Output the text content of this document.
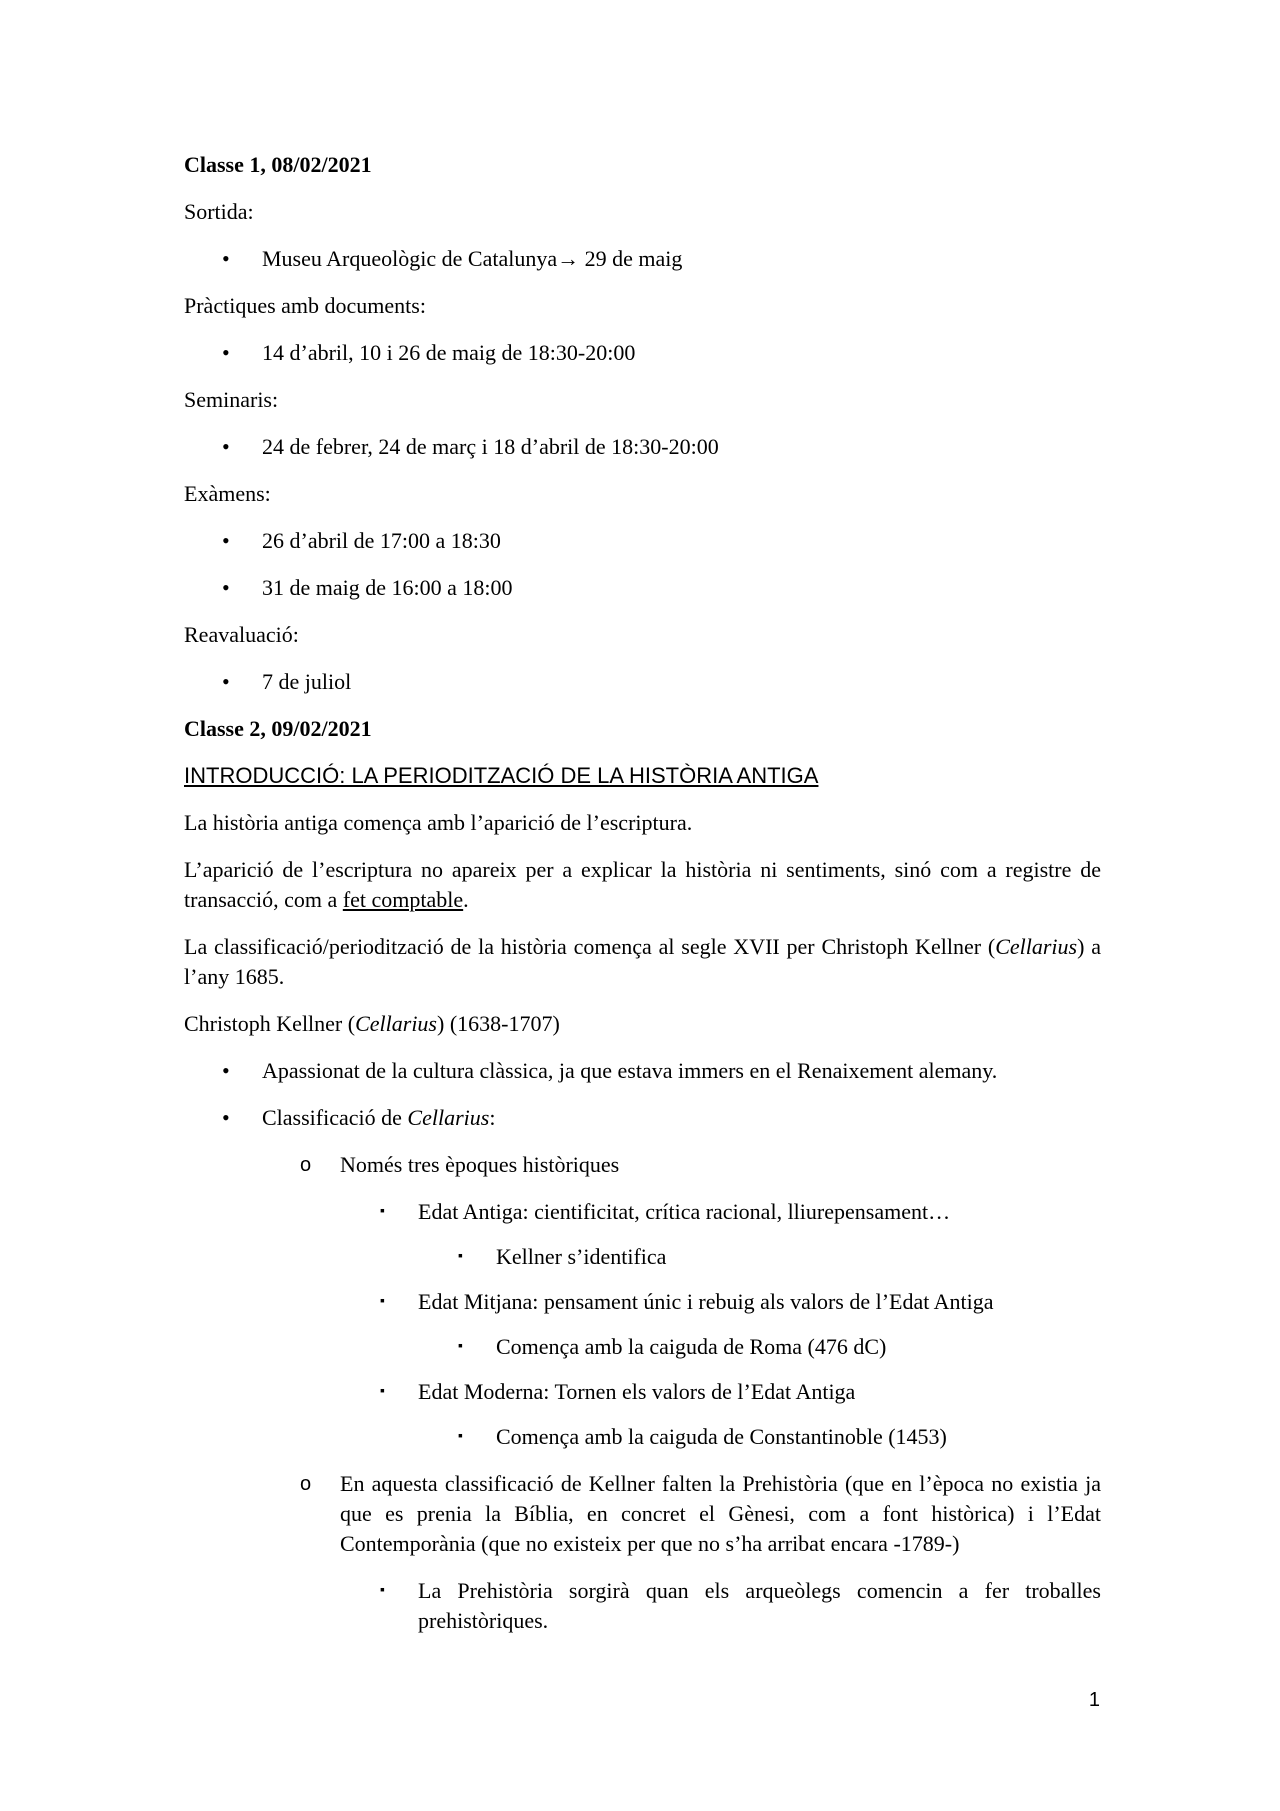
Classe 1, 08/02/2021

Sortida:

• Museu Arqueològic de Catalunya→ 29 de maig

Pràctiques amb documents:

• 14 d’abril, 10 i 26 de maig de 18:30-20:00

Seminaris:

• 24 de febrer, 24 de març i 18 d’abril de 18:30-20:00

Exàmens:

• 26 d’abril de 17:00 a 18:30
• 31 de maig de 16:00 a 18:00

Reavaluació:

• 7 de juliol

Classe 2, 09/02/2021

INTRODUCCIÓ: LA PERIODITZACIÓ DE LA HISTÒRIA ANTIGA

La història antiga comença amb l’aparició de l’escriptura.

L’aparició de l’escriptura no apareix per a explicar la història ni sentiments, sinó com a registre de transacció, com a fet comptable.

La classificació/periodització de la història comença al segle XVII per Christoph Kellner (Cellarius) a l’any 1685.

Christoph Kellner (Cellarius) (1638-1707)

• Apassionat de la cultura clàssica, ja que estava immers en el Renaixement alemany.
• Classificació de Cellarius:
o Només tres èpoques històriques
▪ Edat Antiga: cientificitat, crítica racional, lliurepensament…
▪ Kellner s’identifica
▪ Edat Mitjana: pensament únic i rebuig als valors de l’Edat Antiga
▪ Comença amb la caiguda de Roma (476 dC)
▪ Edat Moderna: Tornen els valors de l’Edat Antiga
▪ Comença amb la caiguda de Constantinoble (1453)
o En aquesta classificació de Kellner falten la Prehistòria (que en l’època no existia ja que es prenia la Bíblia, en concret el Gènesi, com a font històrica) i l’Edat Contemporània (que no existeix per que no s’ha arribat encara -1789-)
▪ La Prehistòria sorgirà quan els arqueòlegs comencin a fer troballes prehistòriques.
1
